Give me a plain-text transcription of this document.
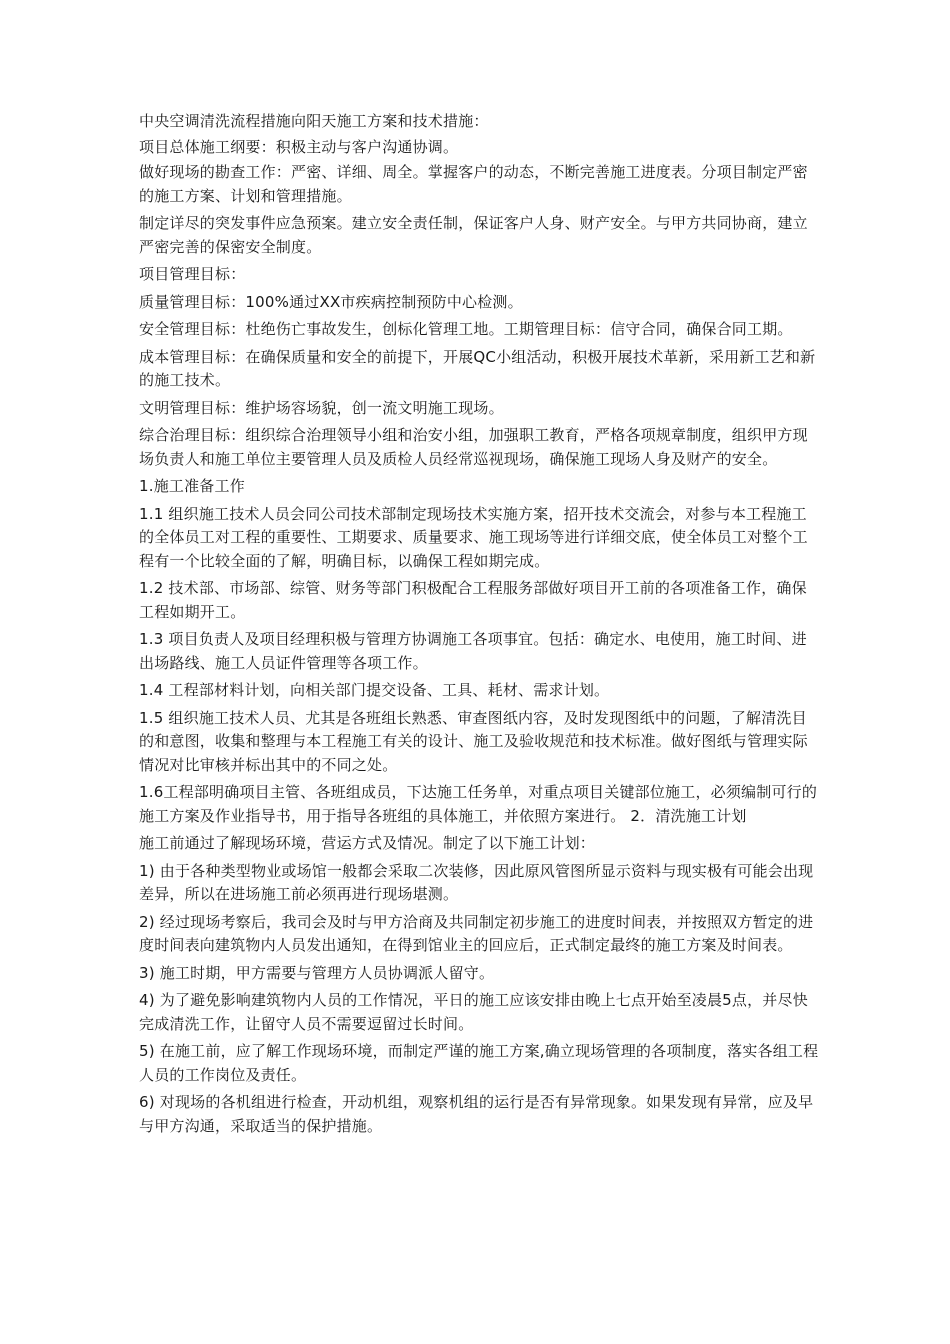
中央空调清洗流程措施向阳天施工方案和技术措施：

项目总体施工纲要：积极主动与客户沟通协调。

做好现场的勘查工作：严密、详细、周全。掌握客户的动态，不断完善施工进度表。分项目制定严密的施工方案、计划和管理措施。

制定详尽的突发事件应急预案。建立安全责任制，保证客户人身、财产安全。与甲方共同协商，建立严密完善的保密安全制度。

项目管理目标：

质量管理目标：100%通过XX市疾病控制预防中心检测。

安全管理目标：杜绝伤亡事故发生，创标化管理工地。工期管理目标：信守合同，确保合同工期。

成本管理目标：在确保质量和安全的前提下，开展QC小组活动，积极开展技术革新，采用新工艺和新的施工技术。

文明管理目标：维护场容场貌，创一流文明施工现场。

综合治理目标：组织综合治理领导小组和治安小组，加强职工教育，严格各项规章制度，组织甲方现场负责人和施工单位主要管理人员及质检人员经常巡视现场，确保施工现场人身及财产的安全。

1.施工准备工作

1.1 组织施工技术人员会同公司技术部制定现场技术实施方案，招开技术交流会，对参与本工程施工的全体员工对工程的重要性、工期要求、质量要求、施工现场等进行详细交底，使全体员工对整个工程有一个比较全面的了解，明确目标，以确保工程如期完成。

1.2 技术部、市场部、综管、财务等部门积极配合工程服务部做好项目开工前的各项准备工作，确保工程如期开工。

1.3 项目负责人及项目经理积极与管理方协调施工各项事宜。包括：确定水、电使用，施工时间、进出场路线、施工人员证件管理等各项工作。

1.4 工程部材料计划，向相关部门提交设备、工具、耗材、需求计划。

1.5 组织施工技术人员、尤其是各班组长熟悉、审查图纸内容，及时发现图纸中的问题，了解清洗目的和意图，收集和整理与本工程施工有关的设计、施工及验收规范和技术标准。做好图纸与管理实际情况对比审核并标出其中的不同之处。

1.6工程部明确项目主管、各班组成员，下达施工任务单，对重点项目关键部位施工，必须编制可行的施工方案及作业指导书，用于指导各班组的具体施工，并依照方案进行。 2．清洗施工计划

施工前通过了解现场环境，营运方式及情况。制定了以下施工计划：

1) 由于各种类型物业或场馆一般都会采取二次装修，因此原风管图所显示资料与现实极有可能会出现差异，所以在进场施工前必须再进行现场堪测。

2) 经过现场考察后，我司会及时与甲方洽商及共同制定初步施工的进度时间表，并按照双方暂定的进度时间表向建筑物内人员发出通知，在得到馆业主的回应后，正式制定最终的施工方案及时间表。

3) 施工时期，甲方需要与管理方人员协调派人留守。

4) 为了避免影响建筑物内人员的工作情况，平日的施工应该安排由晚上七点开始至凌晨5点，并尽快完成清洗工作，让留守人员不需要逗留过长时间。

5) 在施工前，应了解工作现场环境，而制定严谨的施工方案,确立现场管理的各项制度，落实各组工程人员的工作岗位及责任。

6) 对现场的各机组进行检查，开动机组，观察机组的运行是否有异常现象。如果发现有异常，应及早与甲方沟通，采取适当的保护措施。
